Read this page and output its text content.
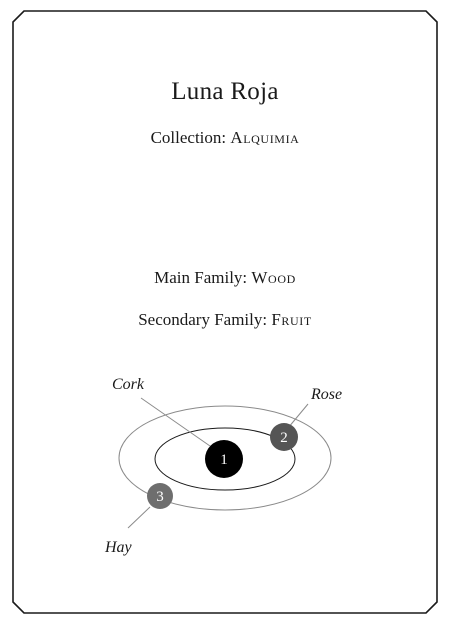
Luna Roja
Collection: Alquimia
Main Family: Wood
Secondary Family: Fruit
1
Cork
2
Rose
3
Hay
